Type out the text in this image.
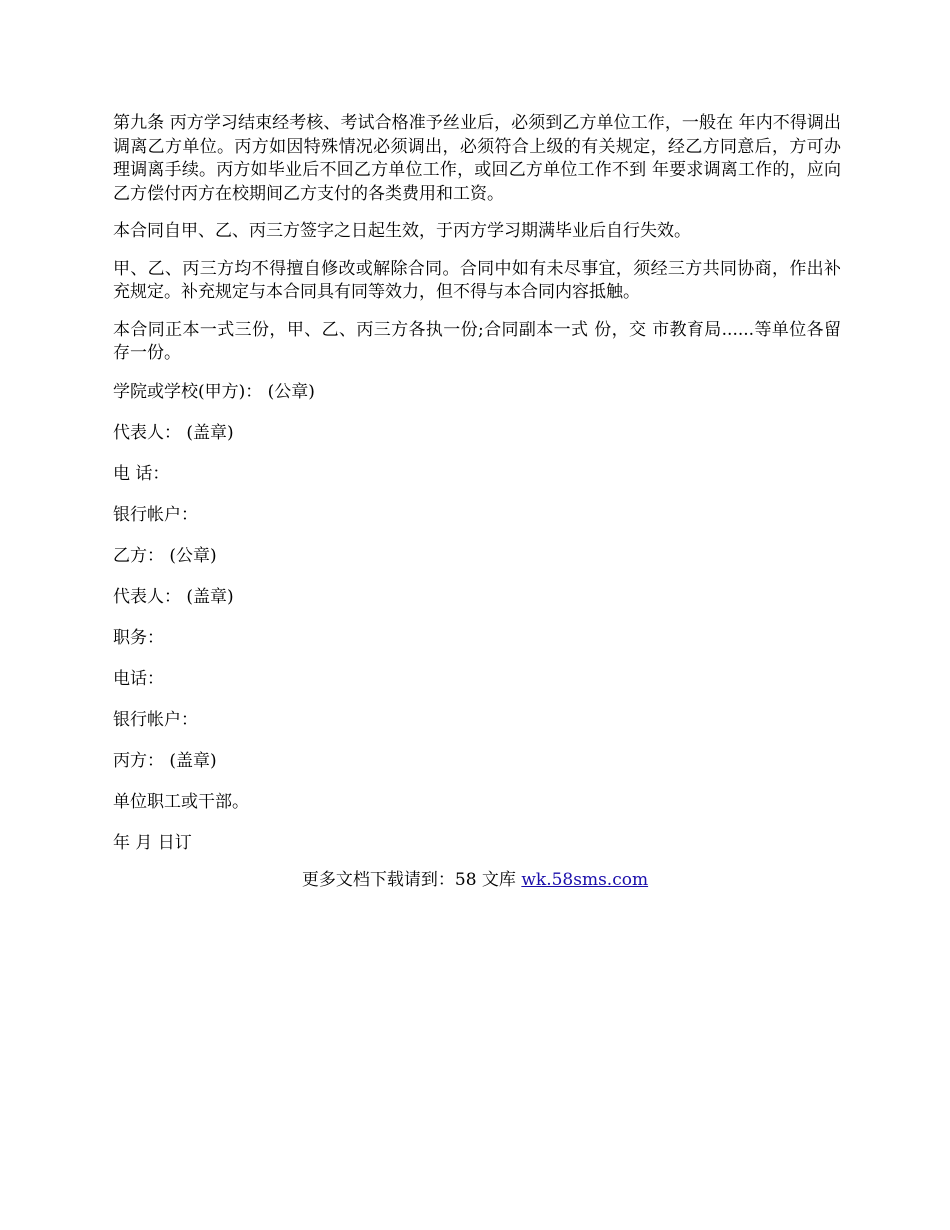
第九条 丙方学习结束经考核、考试合格准予丝业后，必须到乙方单位工作，一般在 年内不得调出调离乙方单位。丙方如因特殊情况必须调出，必须符合上级的有关规定，经乙方同意后，方可办理调离手续。丙方如毕业后不回乙方单位工作，或回乙方单位工作不到 年要求调离工作的，应向乙方偿付丙方在校期间乙方支付的各类费用和工资。

本合同自甲、乙、丙三方签字之日起生效，于丙方学习期满毕业后自行失效。

甲、乙、丙三方均不得擅自修改或解除合同。合同中如有未尽事宜，须经三方共同协商，作出补充规定。补充规定与本合同具有同等效力，但不得与本合同内容抵触。

本合同正本一式三份，甲、乙、丙三方各执一份;合同副本一式 份，交 市教育局......等单位各留存一份。

学院或学校(甲方)： (公章)
代表人： (盖章)
电 话：
银行帐户：
乙方： (公章)
代表人： (盖章)
职务：
电话：
银行帐户：
丙方： (盖章)
单位职工或干部。
年 月 日订
更多文档下载请到：58 文库 wk.58sms.com
